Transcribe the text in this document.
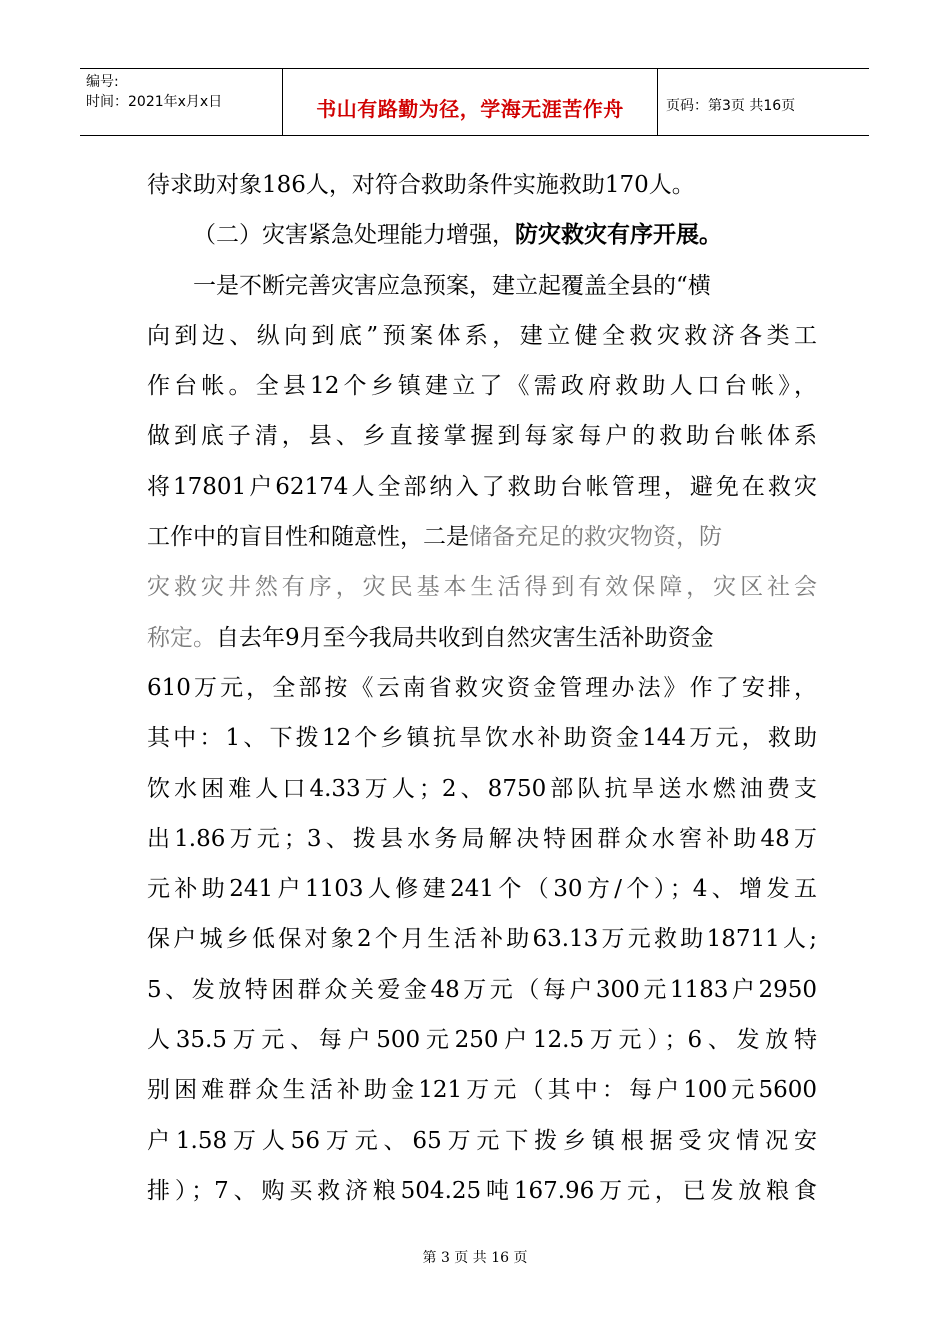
编号:
时间：2021年x月x日	书山有路勤为径，学海无涯苦作舟	页码：第3页 共16页
待求助对象186人，对符合救助条件实施救助170人。
（二）灾害紧急处理能力增强，防灾救灾有序开展。
一是不断完善灾害应急预案，建立起覆盖全县的“横
向到边、纵向到底”预案体系，建立健全救灾救济各类工
作台帐。全县12个乡镇建立了《需政府救助人口台帐》，
做到底子清，县、乡直接掌握到每家每户的救助台帐体系
将17801户62174人全部纳入了救助台帐管理，避免在救灾
工作中的盲目性和随意性，二是储备充足的救灾物资，防
灾救灾井然有序，灾民基本生活得到有效保障，灾区社会
称定。自去年9月至今我局共收到自然灾害生活补助资金
610万元，全部按《云南省救灾资金管理办法》作了安排，
其中：1、下拨12个乡镇抗旱饮水补助资金144万元，救助
饮水困难人口4.33万人；2、8750部队抗旱送水燃油费支
出1.86万元；3、拨县水务局解决特困群众水窖补助48万
元补助241户1103人修建241个（30方/个）；4、增发五
保户城乡低保对象2个月生活补助63.13万元救助18711人;
5、发放特困群众关爱金48万元（每户300元1183户2950
人35.5万元、每户500元250户12.5万元）；6、发放特
别困难群众生活补助金121万元（其中：每户100元5600
户1.58万人56万元、65万元下拨乡镇根据受灾情况安
排）；7、购买救济粮504.25吨167.96万元，已发放粮食
第 3 页 共 16 页
